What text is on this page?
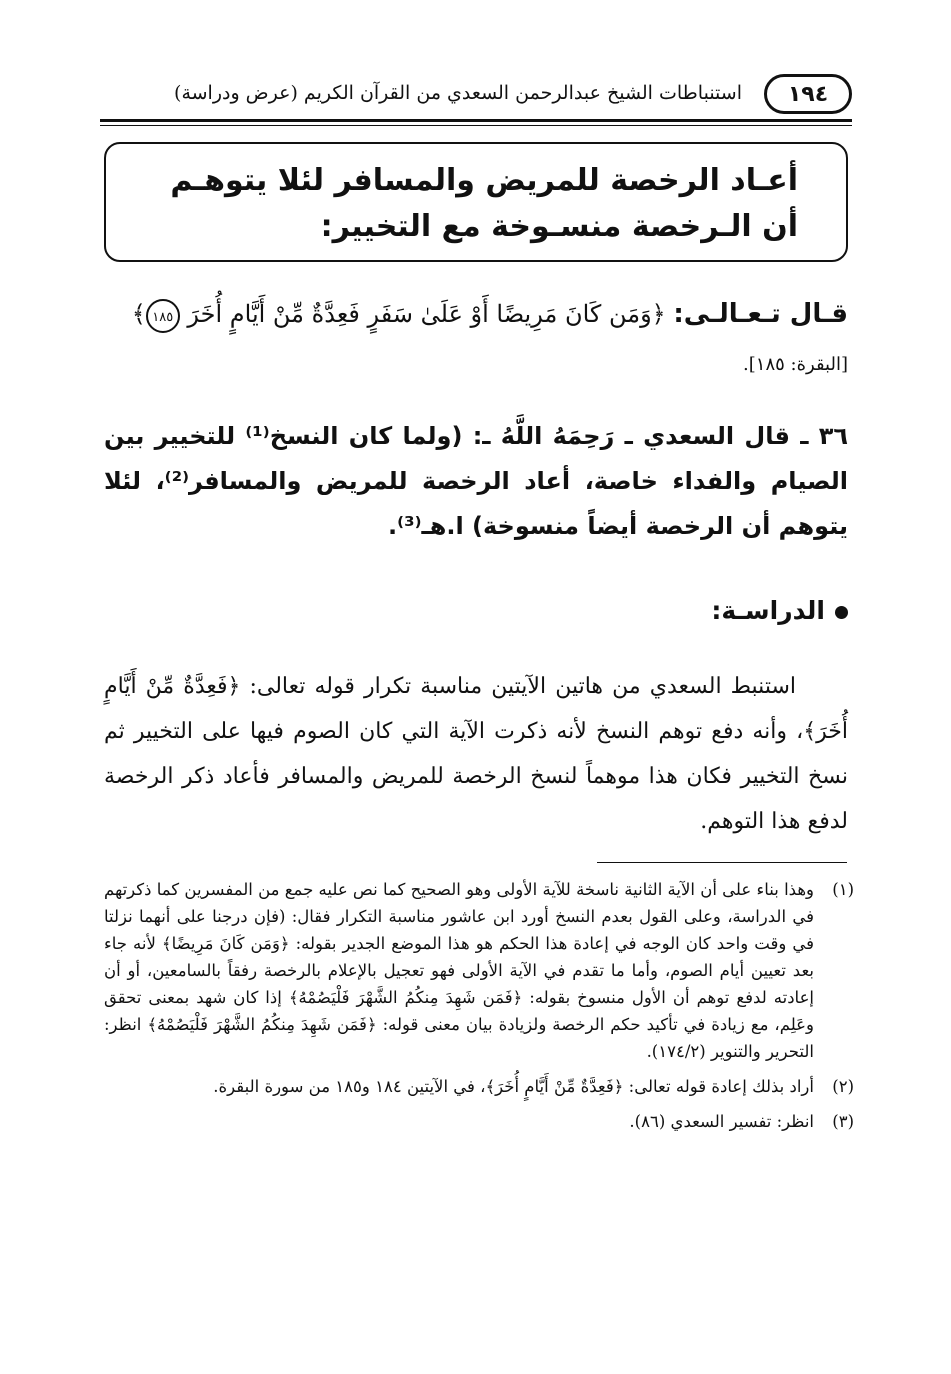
١٩٤
استنباطات الشيخ عبدالرحمن السعدي من القرآن الكريم (عرض ودراسة)
أعـاد الرخصة للمريض والمسافر لئلا يتوهـم أن الـرخصة منسـوخة مع التخيير:
قـال تـعـالـى: ﴿وَمَن كَانَ مَرِيضًا أَوْ عَلَىٰ سَفَرٍ فَعِدَّةٌ مِّنْ أَيَّامٍ أُخَرَ ١٨٥﴾ [البقرة: ١٨٥].
٣٦ ـ قال السعدي ـ رَحِمَهُ اللَّهُ ـ: (ولما كان النسخ⁽¹⁾ للتخيير بين الصيام والفداء خاصة، أعاد الرخصة للمريض والمسافر⁽²⁾، لئلا يتوهم أن الرخصة أيضاً منسوخة) ا.هـ⁽³⁾.
الدراسـة:
استنبط السعدي من هاتين الآيتين مناسبة تكرار قوله تعالى: ﴿فَعِدَّةٌ مِّنْ أَيَّامٍ أُخَرَ﴾، وأنه دفع توهم النسخ لأنه ذكرت الآية التي كان الصوم فيها على التخيير ثم نسخ التخيير فكان هذا موهماً لنسخ الرخصة للمريض والمسافر فأعاد ذكر الرخصة لدفع هذا التوهم.
(١)
وهذا بناء على أن الآية الثانية ناسخة للآية الأولى وهو الصحيح كما نص عليه جمع من المفسرين كما ذكرتهم في الدراسة، وعلى القول بعدم النسخ أورد ابن عاشور مناسبة التكرار فقال: (فإن درجنا على أنهما نزلتا في وقت واحد كان الوجه في إعادة هذا الحكم هو هذا الموضع الجدير بقوله: ﴿وَمَن كَانَ مَرِيضًا﴾ لأنه جاء بعد تعيين أيام الصوم، وأما ما تقدم في الآية الأولى فهو تعجيل بالإعلام بالرخصة رفقاً بالسامعين، أو أن إعادته لدفع توهم أن الأول منسوخ بقوله: ﴿فَمَن شَهِدَ مِنكُمُ الشَّهْرَ فَلْيَصُمْهُ﴾ إذا كان شهد بمعنى تحقق وعَلِم، مع زيادة في تأكيد حكم الرخصة ولزيادة بيان معنى قوله: ﴿فَمَن شَهِدَ مِنكُمُ الشَّهْرَ فَلْيَصُمْهُ﴾ انظر: التحرير والتنوير (١٧٤/٢).
(٢)
أراد بذلك إعادة قوله تعالى: ﴿فَعِدَّةٌ مِّنْ أَيَّامٍ أُخَرَ﴾، في الآيتين ١٨٤ و١٨٥ من سورة البقرة.
(٣)
انظر: تفسير السعدي (٨٦).
